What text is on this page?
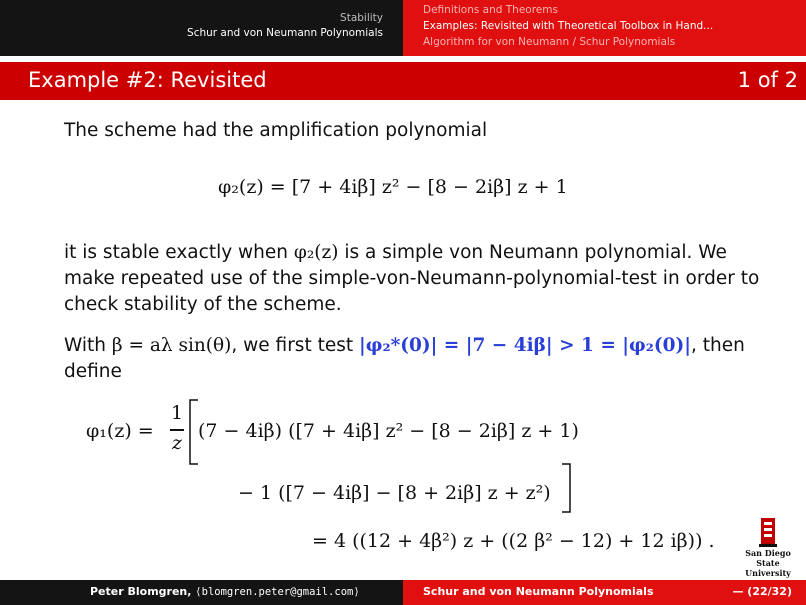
Stability
Schur and von Neumann Polynomials
Definitions and Theorems
Examples: Revisited with Theoretical Toolbox in Hand...
Algorithm for von Neumann / Schur Polynomials
Example #2: Revisited	1 of 2
The scheme had the amplification polynomial
φ₂(z) = [7 + 4iβ] z² − [8 − 2iβ] z + 1
it is stable exactly when φ₂(z) is a simple von Neumann polynomial. We make repeated use of the simple-von-Neumann-polynomial-test in order to check stability of the scheme.
With β = aλ sin(θ), we first test |φ₂*(0)| = |7 − 4iβ| > 1 = |φ₂(0)|, then define
φ₁(z) =
1
z
(7 − 4iβ) ([7 + 4iβ] z² − [8 − 2iβ] z + 1)
− 1 ([7 − 4iβ] − [8 + 2iβ] z + z²)
= 4 ((12 + 4β²) z + ((2 β² − 12) + 12 iβ)) .
San Diego State
University
Peter Blomgren, ⟨blomgren.peter@gmail.com⟩	Schur and von Neumann Polynomials	— (22/32)
